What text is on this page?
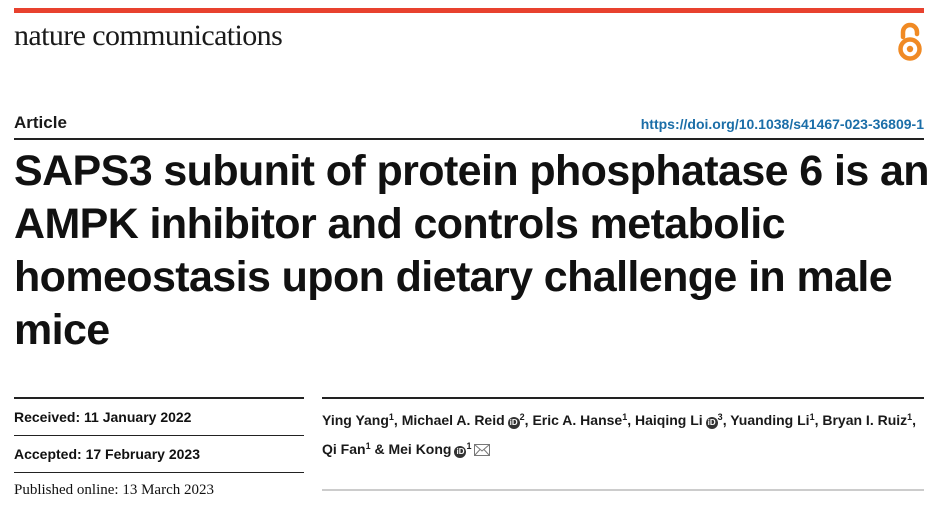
nature communications
Article	https://doi.org/10.1038/s41467-023-36809-1
SAPS3 subunit of protein phosphatase 6 is an AMPK inhibitor and controls metabolic homeostasis upon dietary challenge in male mice
Received: 11 January 2022
Accepted: 17 February 2023
Published online: 13 March 2023
Ying Yang$^1$, Michael A. Reid $iD^2$, Eric A. Hanse$^1$, Haiqing Li $iD^3$, Yuanding Li$^1$, Bryan I. Ruiz$^1$, Qi Fan$^1$ & Mei Kong $iD^1$
